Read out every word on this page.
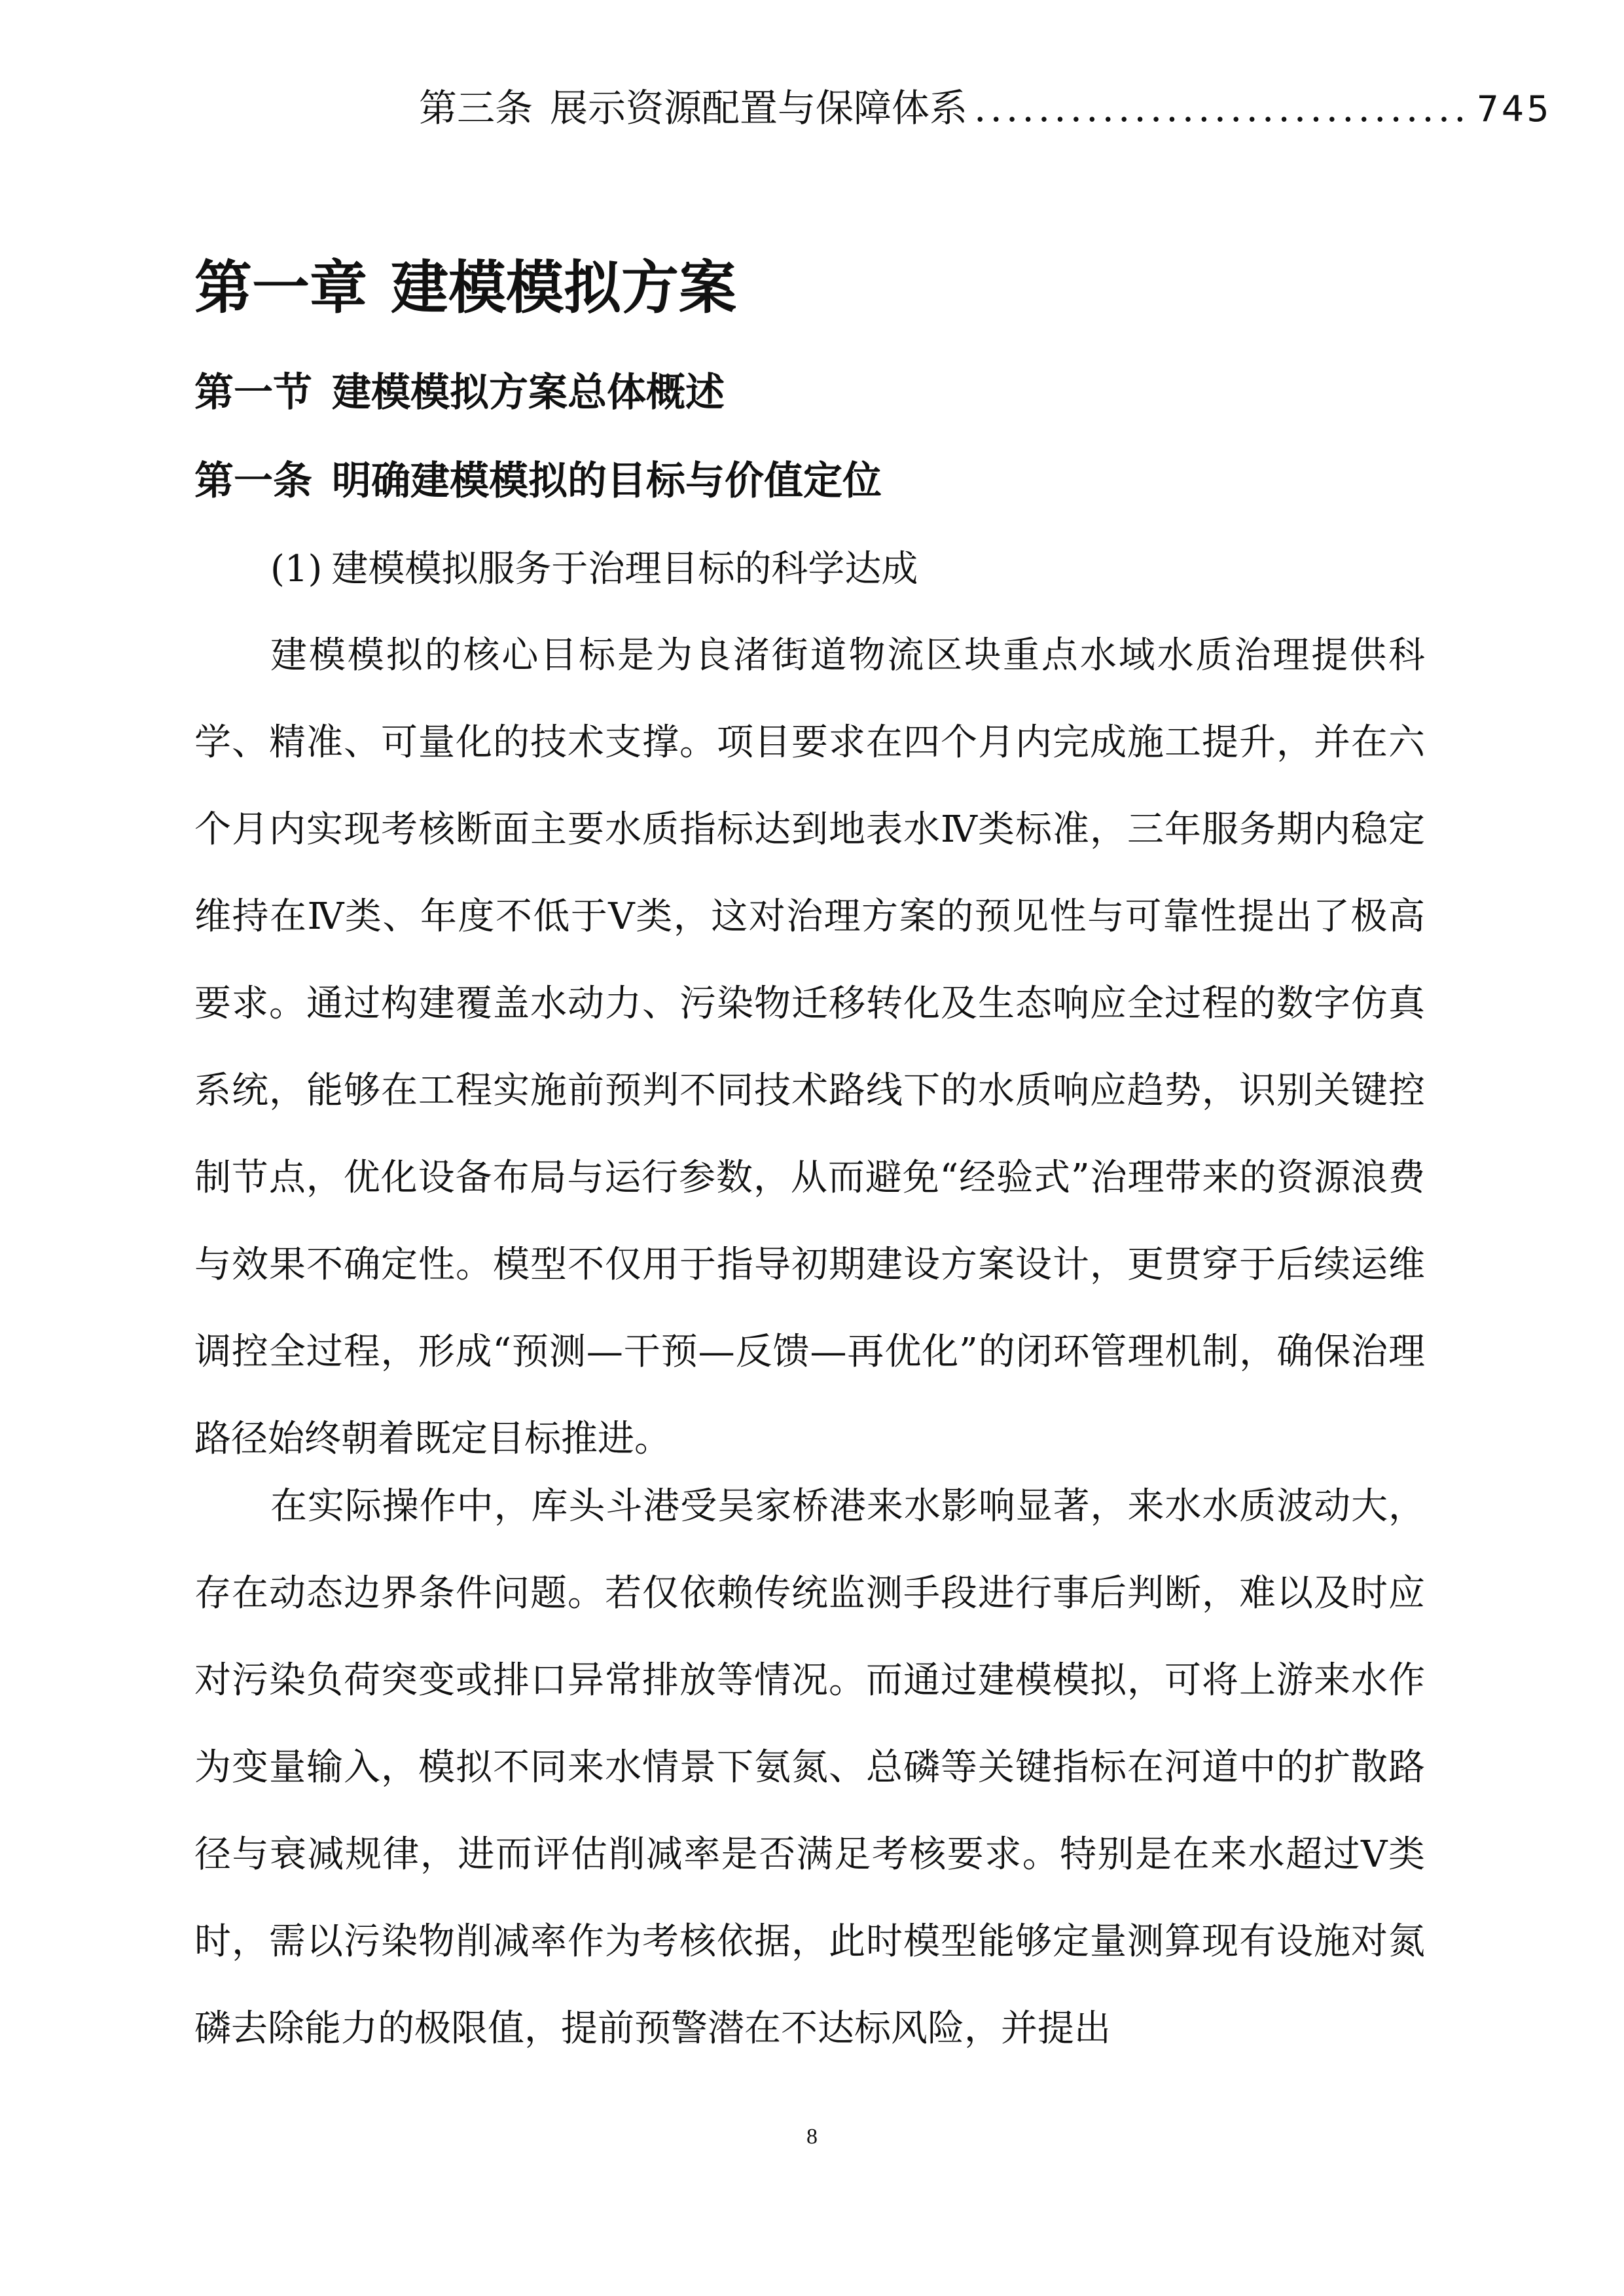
第三条 展示资源配置与保障体系 ............................... 745
第一章 建模模拟方案
第一节 建模模拟方案总体概述
第一条 明确建模模拟的目标与价值定位
(1) 建模模拟服务于治理目标的科学达成

建模模拟的核心目标是为良渚街道物流区块重点水域水质治理提供科学、精准、可量化的技术支撑。项目要求在四个月内完成施工提升，并在六个月内实现考核断面主要水质指标达到地表水Ⅳ类标准，三年服务期内稳定维持在Ⅳ类、年度不低于Ⅴ类，这对治理方案的预见性与可靠性提出了极高要求。通过构建覆盖水动力、污染物迁移转化及生态响应全过程的数字仿真系统，能够在工程实施前预判不同技术路线下的水质响应趋势，识别关键控制节点，优化设备布局与运行参数，从而避免“经验式”治理带来的资源浪费与效果不确定性。模型不仅用于指导初期建设方案设计，更贯穿于后续运维调控全过程，形成“预测—干预—反馈—再优化”的闭环管理机制，确保治理路径始终朝着既定目标推进。

在实际操作中，库头斗港受吴家桥港来水影响显著，来水水质波动大，存在动态边界条件问题。若仅依赖传统监测手段进行事后判断，难以及时应对污染负荷突变或排口异常排放等情况。而通过建模模拟，可将上游来水作为变量输入，模拟不同来水情景下氨氮、总磷等关键指标在河道中的扩散路径与衰减规律，进而评估削减率是否满足考核要求。特别是在来水超过Ⅴ类时，需以污染物削减率作为考核依据，此时模型能够定量测算现有设施对氮磷去除能力的极限值，提前预警潜在不达标风险，并提出

8
